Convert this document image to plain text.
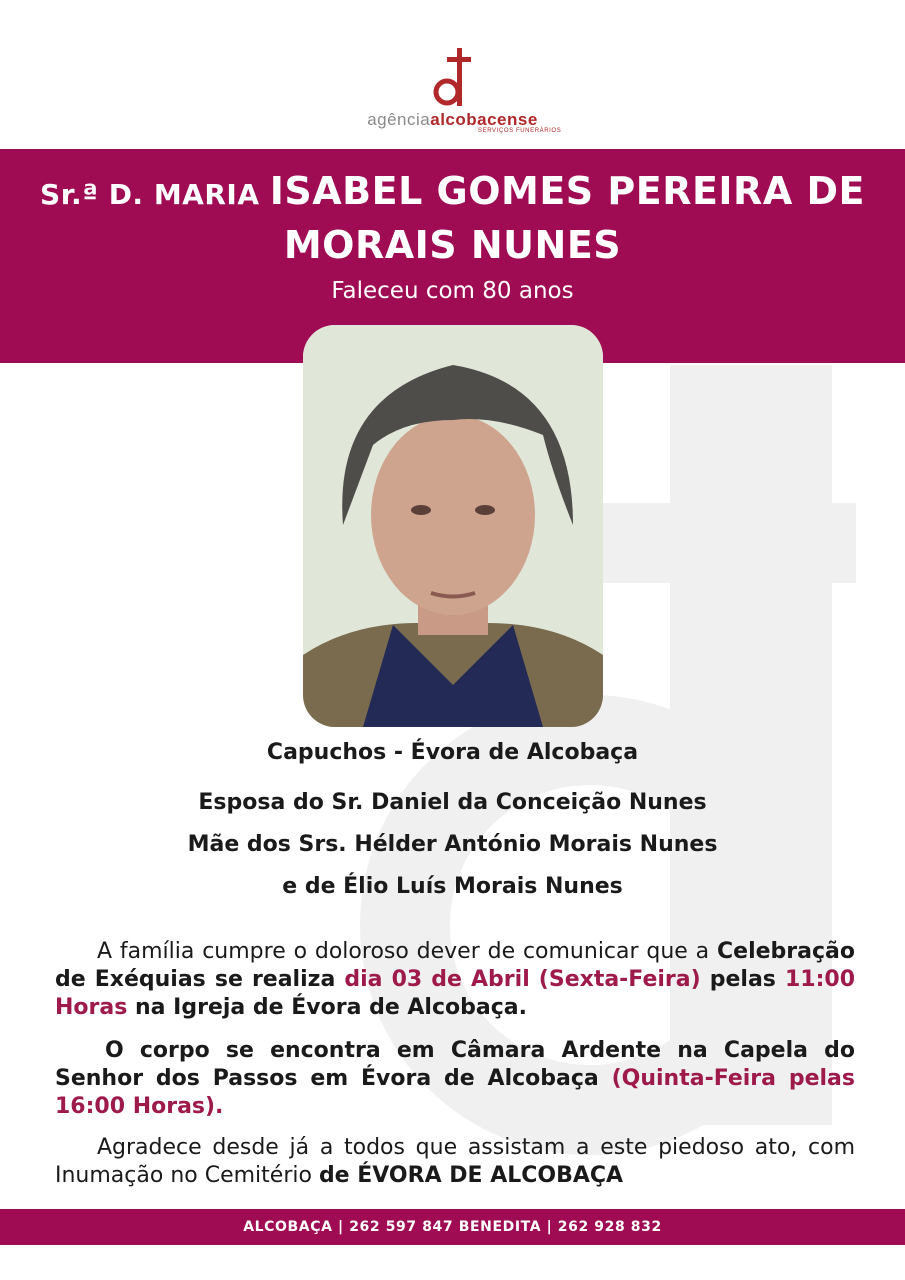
agênciaalcobacense
SERVIÇOS FUNERÁRIOS
Sr.ª D. MARIA ISABEL GOMES PEREIRA DE
MORAIS NUNES
Faleceu com 80 anos
Capuchos - Évora de Alcobaça
Esposa do Sr. Daniel da Conceição Nunes
Mãe dos Srs. Hélder António Morais Nunes
e de Élio Luís Morais Nunes
A família cumpre o doloroso dever de comunicar que a Celebração de Exéquias se realiza dia 03 de Abril (Sexta-Feira) pelas 11:00 Horas na Igreja de Évora de Alcobaça.
O corpo se encontra em Câmara Ardente na Capela do Senhor dos Passos em Évora de Alcobaça (Quinta-Feira pelas 16:00 Horas).
Agradece desde já a todos que assistam a este piedoso ato, com Inumação no Cemitério de ÉVORA DE ALCOBAÇA
ALCOBAÇA | 262 597 847 BENEDITA | 262 928 832
